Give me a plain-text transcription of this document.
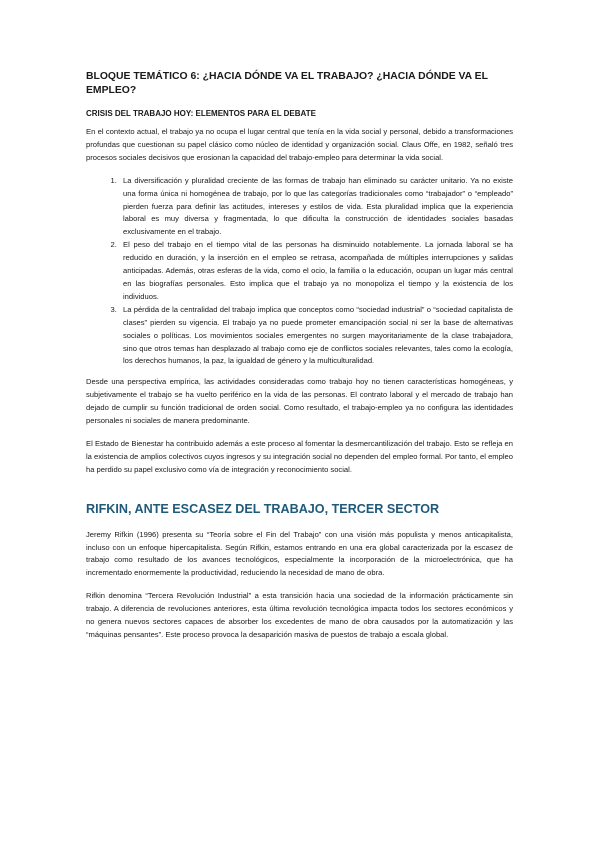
BLOQUE TEMÁTICO 6: ¿HACIA DÓNDE VA EL TRABAJO? ¿HACIA DÓNDE VA EL EMPLEO?
CRISIS DEL TRABAJO HOY: ELEMENTOS PARA EL DEBATE

En el contexto actual, el trabajo ya no ocupa el lugar central que tenía en la vida social y personal, debido a transformaciones profundas que cuestionan su papel clásico como núcleo de identidad y organización social. Claus Offe, en 1982, señaló tres procesos sociales decisivos que erosionan la capacidad del trabajo-empleo para determinar la vida social.

1. La diversificación y pluralidad creciente de las formas de trabajo han eliminado su carácter unitario. Ya no existe una forma única ni homogénea de trabajo, por lo que las categorías tradicionales como “trabajador” o “empleado” pierden fuerza para definir las actitudes, intereses y estilos de vida. Esta pluralidad implica que la experiencia laboral es muy diversa y fragmentada, lo que dificulta la construcción de identidades sociales basadas exclusivamente en el trabajo.
2. El peso del trabajo en el tiempo vital de las personas ha disminuido notablemente. La jornada laboral se ha reducido en duración, y la inserción en el empleo se retrasa, acompañada de múltiples interrupciones y salidas anticipadas. Además, otras esferas de la vida, como el ocio, la familia o la educación, ocupan un lugar más central en las biografías personales. Esto implica que el trabajo ya no monopoliza el tiempo y la existencia de los individuos.
3. La pérdida de la centralidad del trabajo implica que conceptos como “sociedad industrial” o “sociedad capitalista de clases” pierden su vigencia. El trabajo ya no puede prometer emancipación social ni ser la base de alternativas sociales o políticas. Los movimientos sociales emergentes no surgen mayoritariamente de la clase trabajadora, sino que otros temas han desplazado al trabajo como eje de conflictos sociales relevantes, tales como la ecología, los derechos humanos, la paz, la igualdad de género y la multiculturalidad.

Desde una perspectiva empírica, las actividades consideradas como trabajo hoy no tienen características homogéneas, y subjetivamente el trabajo se ha vuelto periférico en la vida de las personas. El contrato laboral y el mercado de trabajo han dejado de cumplir su función tradicional de orden social. Como resultado, el trabajo-empleo ya no configura las identidades personales ni sociales de manera predominante.

El Estado de Bienestar ha contribuido además a este proceso al fomentar la desmercantilización del trabajo. Esto se refleja en la existencia de amplios colectivos cuyos ingresos y su integración social no dependen del empleo formal. Por tanto, el empleo ha perdido su papel exclusivo como vía de integración y reconocimiento social.

RIFKIN, ANTE ESCASEZ DEL TRABAJO, TERCER SECTOR

Jeremy Rifkin (1996) presenta su “Teoría sobre el Fin del Trabajo” con una visión más populista y menos anticapitalista, incluso con un enfoque hipercapitalista. Según Rifkin, estamos entrando en una era global caracterizada por la escasez de trabajo como resultado de los avances tecnológicos, especialmente la incorporación de la microelectrónica, que ha incrementado enormemente la productividad, reduciendo la necesidad de mano de obra.

Rifkin denomina “Tercera Revolución Industrial” a esta transición hacia una sociedad de la información prácticamente sin trabajo. A diferencia de revoluciones anteriores, esta última revolución tecnológica impacta todos los sectores económicos y no genera nuevos sectores capaces de absorber los excedentes de mano de obra causados por la automatización y las “máquinas pensantes”. Este proceso provoca la desaparición masiva de puestos de trabajo a escala global.
